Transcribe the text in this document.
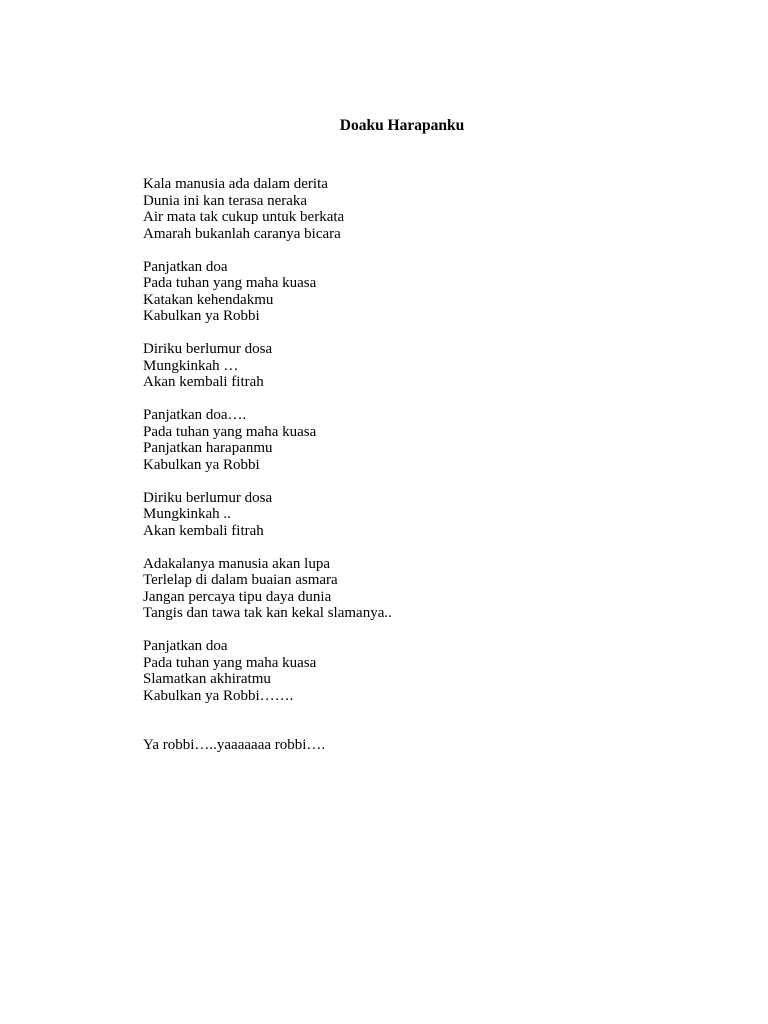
Doaku Harapanku
Kala manusia ada dalam derita
Dunia ini kan terasa neraka
Air mata tak cukup untuk berkata
Amarah bukanlah caranya bicara
Panjatkan doa
Pada tuhan yang maha kuasa
Katakan kehendakmu
Kabulkan ya Robbi
Diriku berlumur dosa
Mungkinkah …
Akan kembali fitrah
Panjatkan doa….
Pada tuhan yang maha kuasa
Panjatkan harapanmu
Kabulkan ya Robbi
Diriku berlumur dosa
Mungkinkah ..
Akan kembali fitrah
Adakalanya manusia akan lupa
Terlelap di dalam buaian asmara
Jangan percaya tipu daya dunia
Tangis dan tawa tak kan kekal slamanya..
Panjatkan doa
Pada tuhan yang maha kuasa
Slamatkan akhiratmu
Kabulkan ya Robbi…….
Ya robbi…..yaaaaaaa robbi….
